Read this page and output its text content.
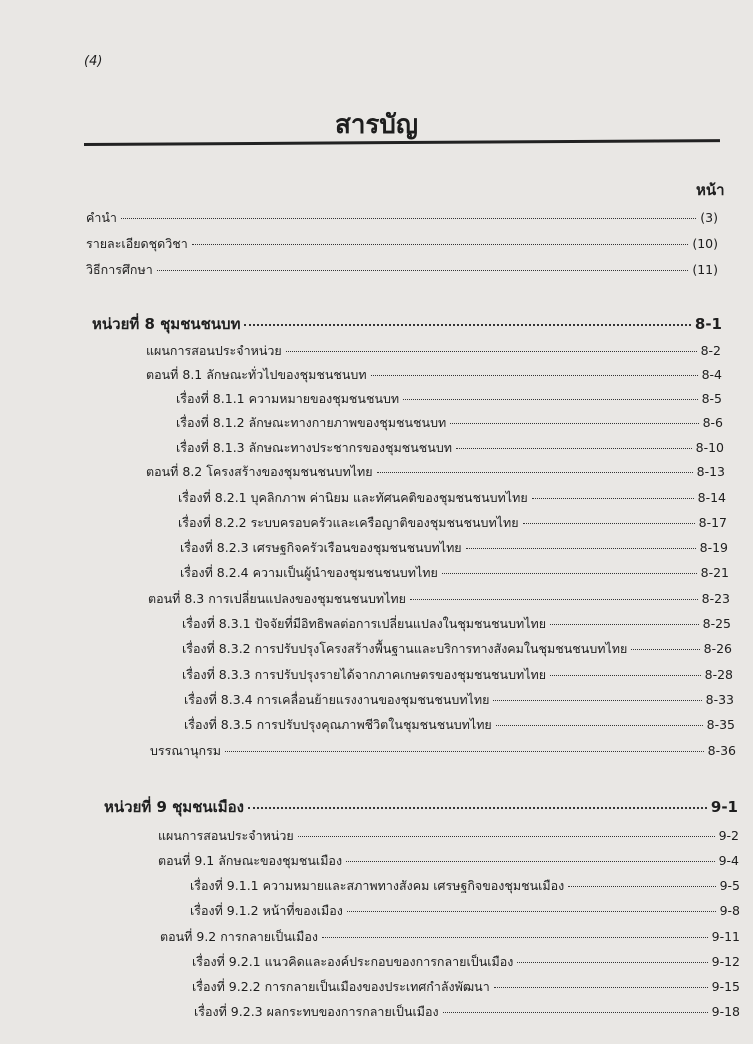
(4)
สารบัญ
หน้า
คำนำ	(3)
รายละเอียดชุดวิชา	(10)
วิธีการศึกษา	(11)
หน่วยที่ 8 ชุมชนชนบท	8-1
แผนการสอนประจำหน่วย	8-2
ตอนที่ 8.1 ลักษณะทั่วไปของชุมชนชนบท	8-4
เรื่องที่ 8.1.1 ความหมายของชุมชนชนบท	8-5
เรื่องที่ 8.1.2 ลักษณะทางกายภาพของชุมชนชนบท	8-6
เรื่องที่ 8.1.3 ลักษณะทางประชากรของชุมชนชนบท	8-10
ตอนที่ 8.2 โครงสร้างของชุมชนชนบทไทย	8-13
เรื่องที่ 8.2.1 บุคลิกภาพ ค่านิยม และทัศนคติของชุมชนชนบทไทย	8-14
เรื่องที่ 8.2.2 ระบบครอบครัวและเครือญาติของชุมชนชนบทไทย	8-17
เรื่องที่ 8.2.3 เศรษฐกิจครัวเรือนของชุมชนชนบทไทย	8-19
เรื่องที่ 8.2.4 ความเป็นผู้นำของชุมชนชนบทไทย	8-21
ตอนที่ 8.3 การเปลี่ยนแปลงของชุมชนชนบทไทย	8-23
เรื่องที่ 8.3.1 ปัจจัยที่มีอิทธิพลต่อการเปลี่ยนแปลงในชุมชนชนบทไทย	8-25
เรื่องที่ 8.3.2 การปรับปรุงโครงสร้างพื้นฐานและบริการทางสังคมในชุมชนชนบทไทย	8-26
เรื่องที่ 8.3.3 การปรับปรุงรายได้จากภาคเกษตรของชุมชนชนบทไทย	8-28
เรื่องที่ 8.3.4 การเคลื่อนย้ายแรงงานของชุมชนชนบทไทย	8-33
เรื่องที่ 8.3.5 การปรับปรุงคุณภาพชีวิตในชุมชนชนบทไทย	8-35
บรรณานุกรม	8-36
หน่วยที่ 9 ชุมชนเมือง	9-1
แผนการสอนประจำหน่วย	9-2
ตอนที่ 9.1 ลักษณะของชุมชนเมือง	9-4
เรื่องที่ 9.1.1 ความหมายและสภาพทางสังคม เศรษฐกิจของชุมชนเมือง	9-5
เรื่องที่ 9.1.2 หน้าที่ของเมือง	9-8
ตอนที่ 9.2 การกลายเป็นเมือง	9-11
เรื่องที่ 9.2.1 แนวคิดและองค์ประกอบของการกลายเป็นเมือง	9-12
เรื่องที่ 9.2.2 การกลายเป็นเมืองของประเทศกำลังพัฒนา	9-15
เรื่องที่ 9.2.3 ผลกระทบของการกลายเป็นเมือง	9-18
